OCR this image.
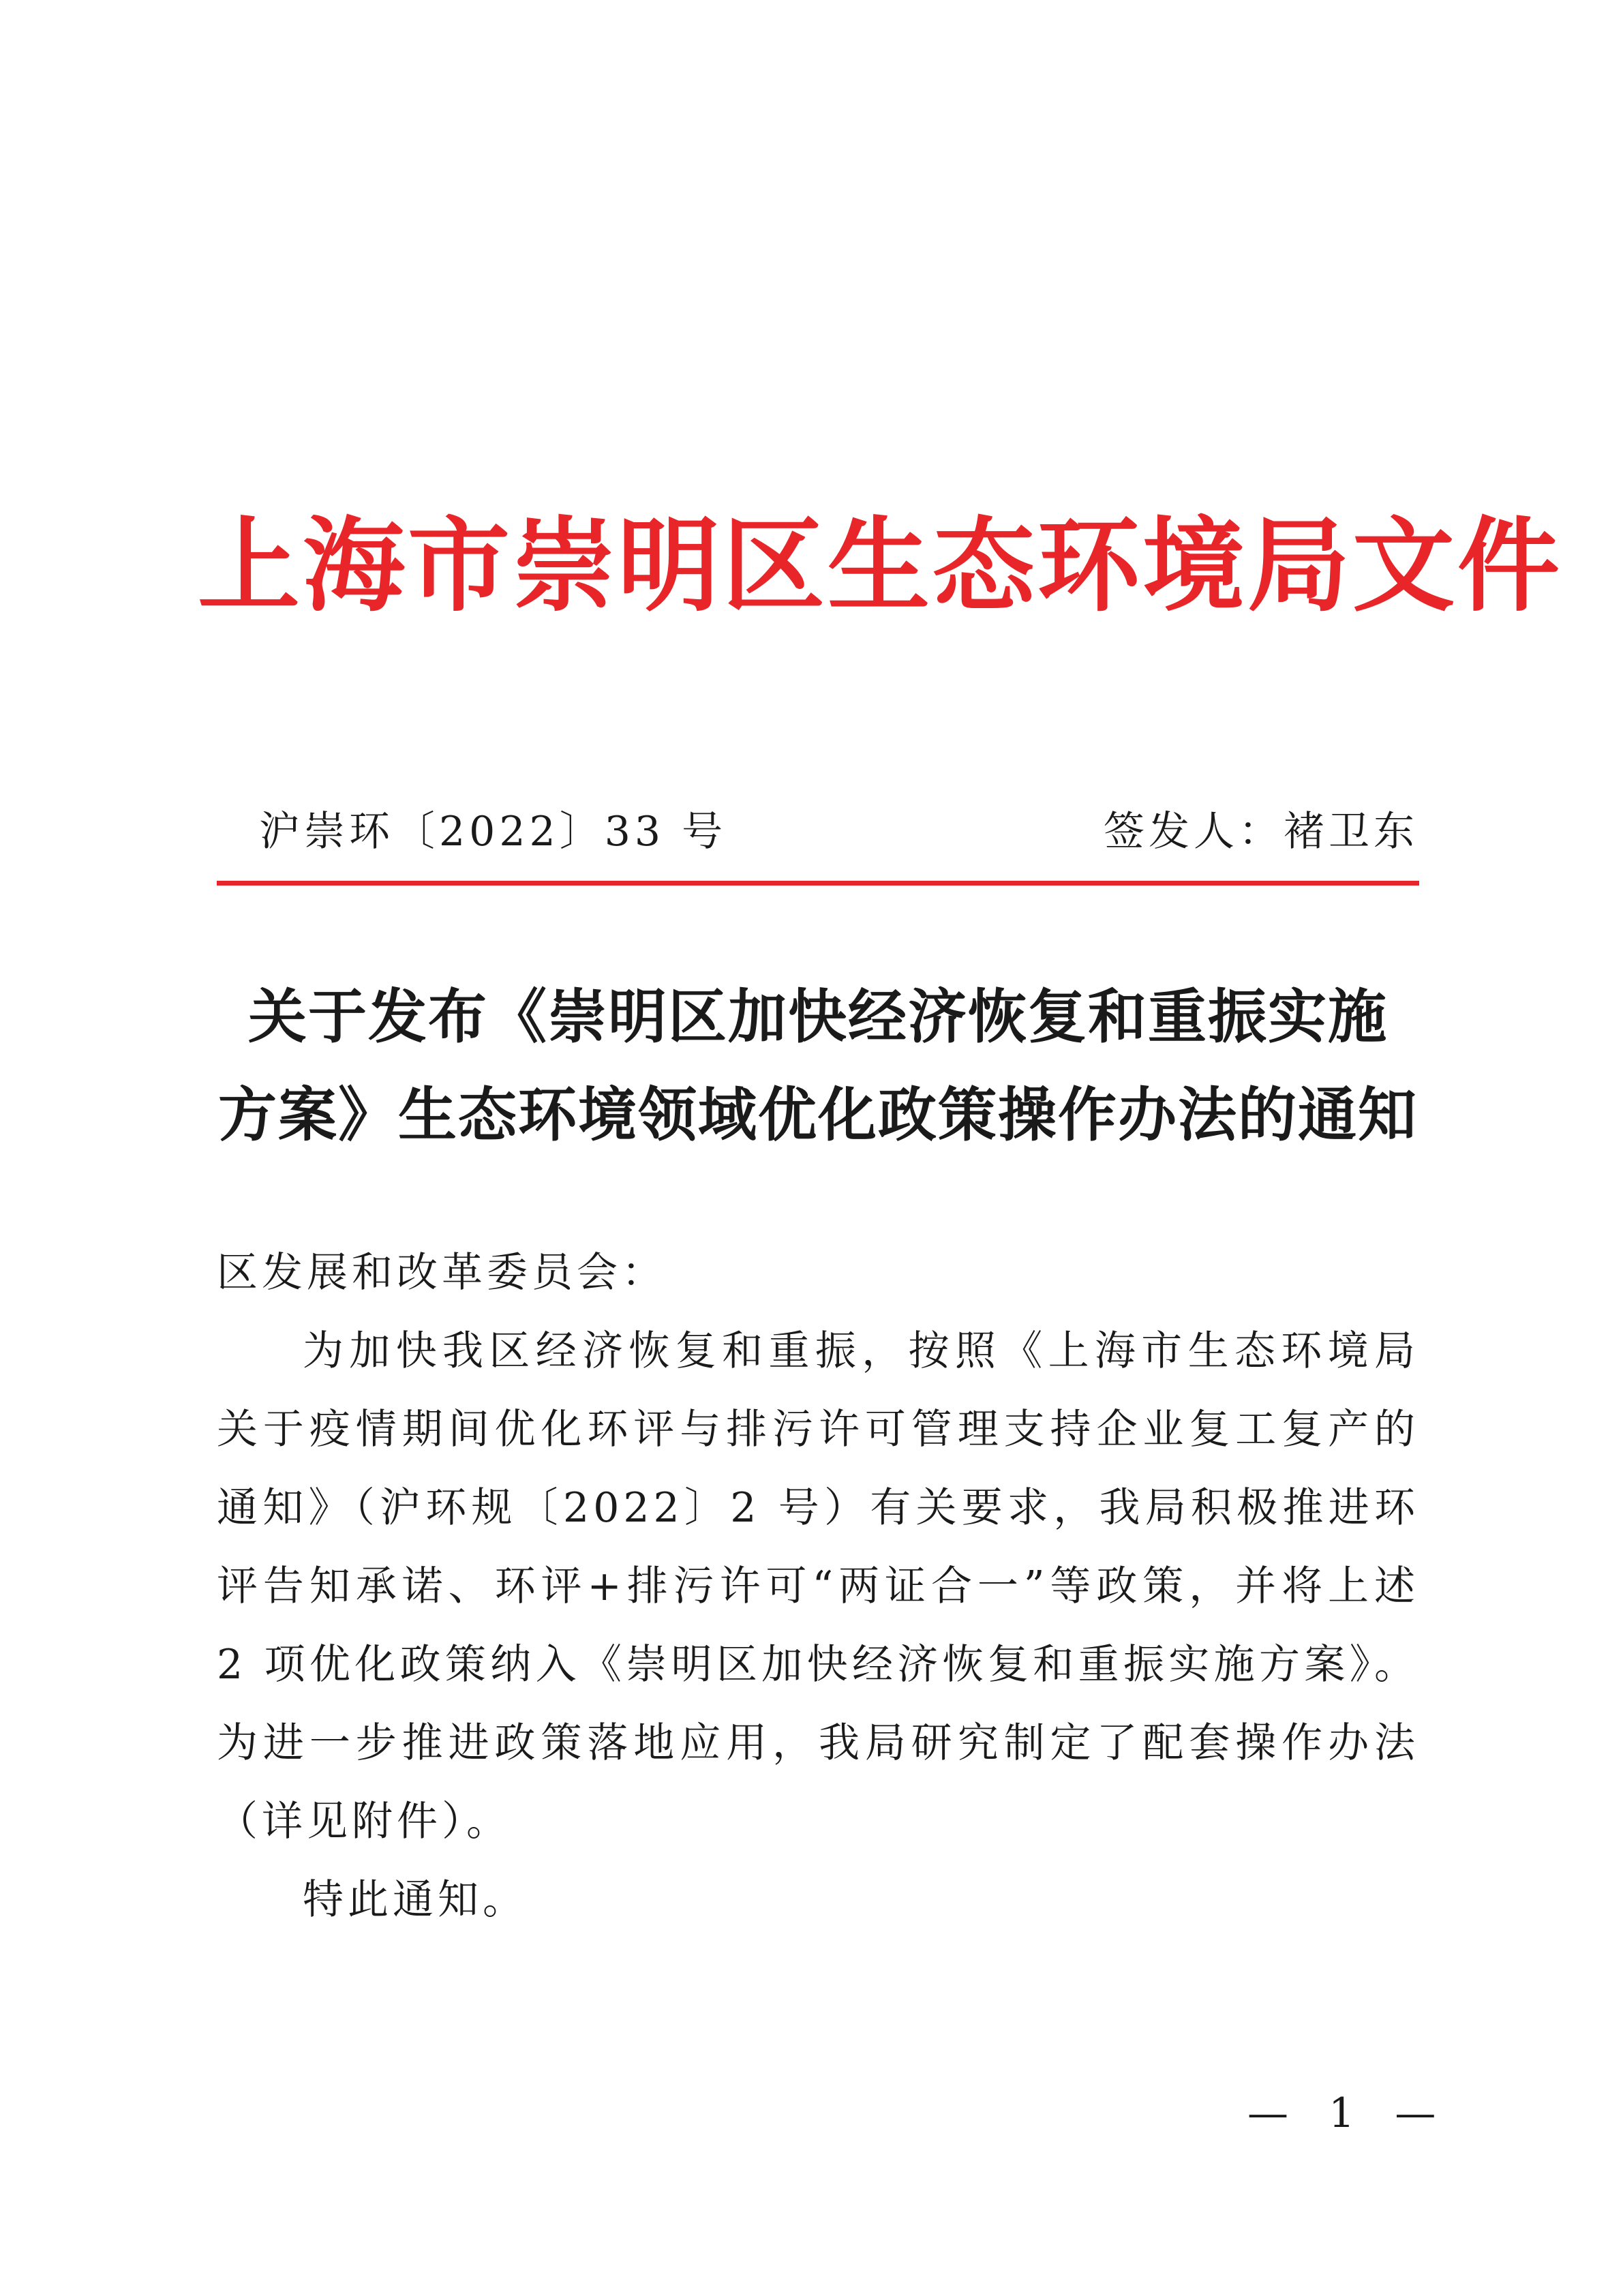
上海市崇明区生态环境局文件
沪崇环〔2022〕33 号	签发人：褚卫东
关于发布《崇明区加快经济恢复和重振实施
方案》生态环境领域优化政策操作办法的通知

区发展和改革委员会：

为加快我区经济恢复和重振，按照《上海市生态环境局关于疫情期间优化环评与排污许可管理支持企业复工复产的通知》（沪环规〔2022〕2 号）有关要求，我局积极推进环评告知承诺、环评+排污许可“两证合一”等政策，并将上述 2 项优化政策纳入《崇明区加快经济恢复和重振实施方案》。为进一步推进政策落地应用，我局研究制定了配套操作办法（详见附件）。

特此通知。

— 1 —
